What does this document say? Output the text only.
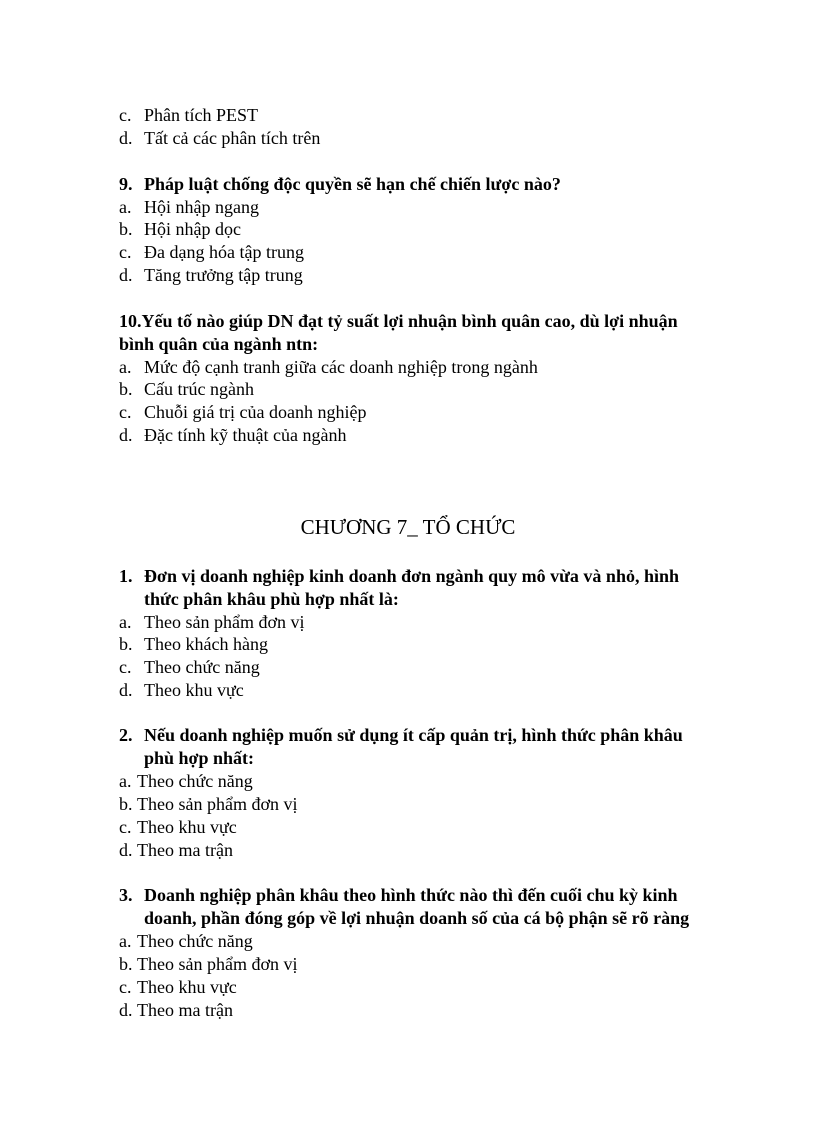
c. Phân tích PEST
d. Tất cả các phân tích trên
9. Pháp luật chống độc quyền sẽ hạn chế chiến lược nào?
a. Hội nhập ngang
b. Hội nhập dọc
c. Đa dạng hóa tập trung
d. Tăng trưởng tập trung
10.Yếu tố nào giúp DN đạt tỷ suất lợi nhuận bình quân cao, dù lợi nhuận
bình quân của ngành ntn:
a. Mức độ cạnh tranh giữa các doanh nghiệp trong ngành
b. Cấu trúc ngành
c. Chuỗi giá trị của doanh nghiệp
d. Đặc tính kỹ thuật của ngành
CHƯƠNG 7_ TỔ CHỨC
1. Đơn vị doanh nghiệp kinh doanh đơn ngành quy mô vừa và nhỏ, hình
thức phân khâu phù hợp nhất là:
a. Theo sản phẩm đơn vị
b. Theo khách hàng
c. Theo chức năng
d. Theo khu vực
2. Nếu doanh nghiệp muốn sử dụng ít cấp quản trị, hình thức phân khâu
phù hợp nhất:
a. Theo chức năng
b. Theo sản phẩm đơn vị
c. Theo khu vực
d. Theo ma trận
3. Doanh nghiệp phân khâu theo hình thức nào thì đến cuối chu kỳ kinh
doanh, phần đóng góp về lợi nhuận doanh số của cá bộ phận sẽ rõ ràng
a. Theo chức năng
b. Theo sản phẩm đơn vị
c. Theo khu vực
d. Theo ma trận
